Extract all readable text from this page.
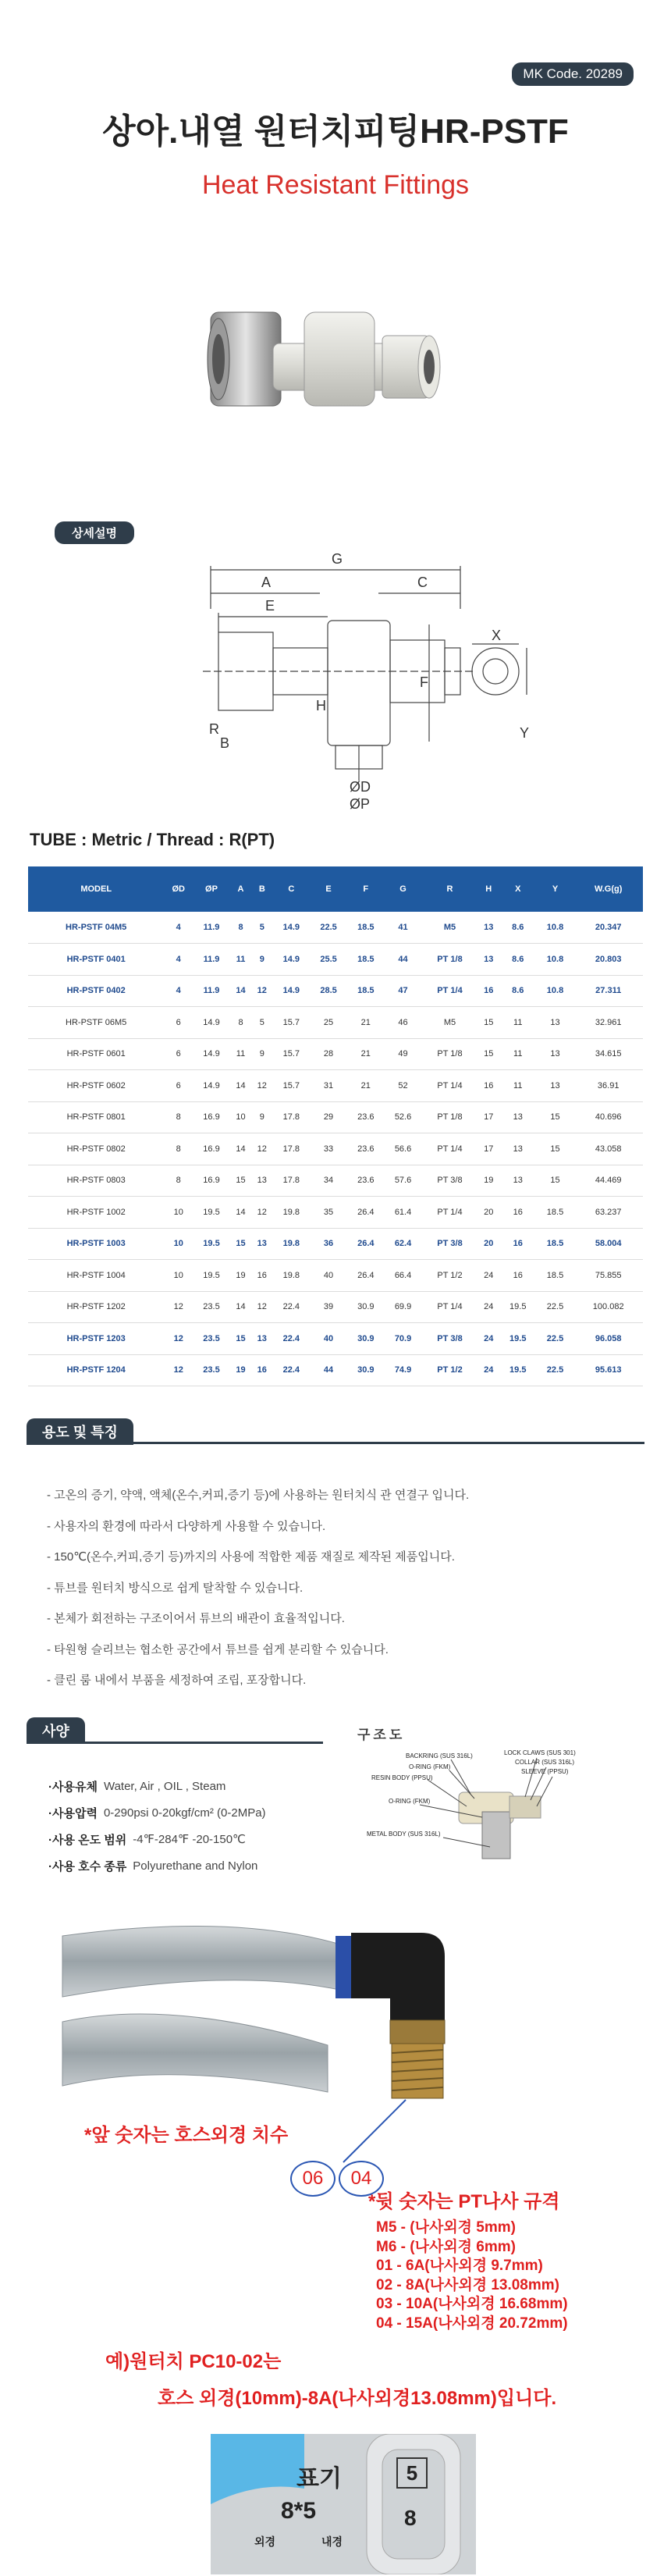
MK Code. 20289
상아.내열 원터치피팅HR-PSTF
Heat Resistant Fittings
상세설명
G
A
E
C
X
Y
F
H
R
B
ØD
ØP
TUBE : Metric / Thread : R(PT)
MODEL	ØD	ØP	A	B	C	E	F	G	R	H	X	Y	W.G(g)
HR-PSTF 04M5	4	11.9	8	5	14.9	22.5	18.5	41	M5	13	8.6	10.8	20.347
HR-PSTF 0401	4	11.9	11	9	14.9	25.5	18.5	44	PT 1/8	13	8.6	10.8	20.803
HR-PSTF 0402	4	11.9	14	12	14.9	28.5	18.5	47	PT 1/4	16	8.6	10.8	27.311
HR-PSTF 06M5	6	14.9	8	5	15.7	25	21	46	M5	15	11	13	32.961
HR-PSTF 0601	6	14.9	11	9	15.7	28	21	49	PT 1/8	15	11	13	34.615
HR-PSTF 0602	6	14.9	14	12	15.7	31	21	52	PT 1/4	16	11	13	36.91
HR-PSTF 0801	8	16.9	10	9	17.8	29	23.6	52.6	PT 1/8	17	13	15	40.696
HR-PSTF 0802	8	16.9	14	12	17.8	33	23.6	56.6	PT 1/4	17	13	15	43.058
HR-PSTF 0803	8	16.9	15	13	17.8	34	23.6	57.6	PT 3/8	19	13	15	44.469
HR-PSTF 1002	10	19.5	14	12	19.8	35	26.4	61.4	PT 1/4	20	16	18.5	63.237
HR-PSTF 1003	10	19.5	15	13	19.8	36	26.4	62.4	PT 3/8	20	16	18.5	58.004
HR-PSTF 1004	10	19.5	19	16	19.8	40	26.4	66.4	PT 1/2	24	16	18.5	75.855
HR-PSTF 1202	12	23.5	14	12	22.4	39	30.9	69.9	PT 1/4	24	19.5	22.5	100.082
HR-PSTF 1203	12	23.5	15	13	22.4	40	30.9	70.9	PT 3/8	24	19.5	22.5	96.058
HR-PSTF 1204	12	23.5	19	16	22.4	44	30.9	74.9	PT 1/2	24	19.5	22.5	95.613
용도 및 특징
- 고온의 증기, 약액, 액체(온수,커피,증기 등)에 사용하는 원터치식 관 연결구 입니다.
- 사용자의 환경에 따라서 다양하게 사용할 수 있습니다.
- 150℃(온수,커피,증기 등)까지의 사용에 적합한 제품 재질로 제작된 제품입니다.
- 튜브를 원터치 방식으로 쉽게 탈착할 수 있습니다.
- 본체가 회전하는 구조이어서 튜브의 배관이 효율적입니다.
- 타원형 슬리브는 협소한 공간에서 튜브를 쉽게 분리할 수 있습니다.
- 클린 룸 내에서 부품을 세정하여 조립, 포장합니다.
사양
·사용유체 Water, Air , OIL , Steam
·사용압력 0-290psi 0-20kgf/cm² (0-2MPa)
·사용 온도 범위 -4℉-284℉ -20-150℃
·사용 호수 종류 Polyurethane and Nylon
구조도
BACKRING (SUS 316L)
O-RING (FKM)
RESIN BODY (PPSU)
O-RING (FKM)
METAL BODY (SUS 316L)
LOCK CLAWS (SUS 301)
COLLAR (SUS 316L)
SLEEVE (PPSU)
*앞 숫자는 호스외경 치수
06	04
*뒷 숫자는 PT나사 규격
M5 - (나사외경 5mm)
M6 - (나사외경 6mm)
01 - 6A(나사외경 9.7mm)
02 - 8A(나사외경 13.08mm)
03 - 10A(나사외경 16.68mm)
04 - 15A(나사외경 20.72mm)
예)원터치 PC10-02는
호스 외경(10mm)-8A(나사외경13.08mm)입니다.
표기
8*5
외경	내경
5
8
